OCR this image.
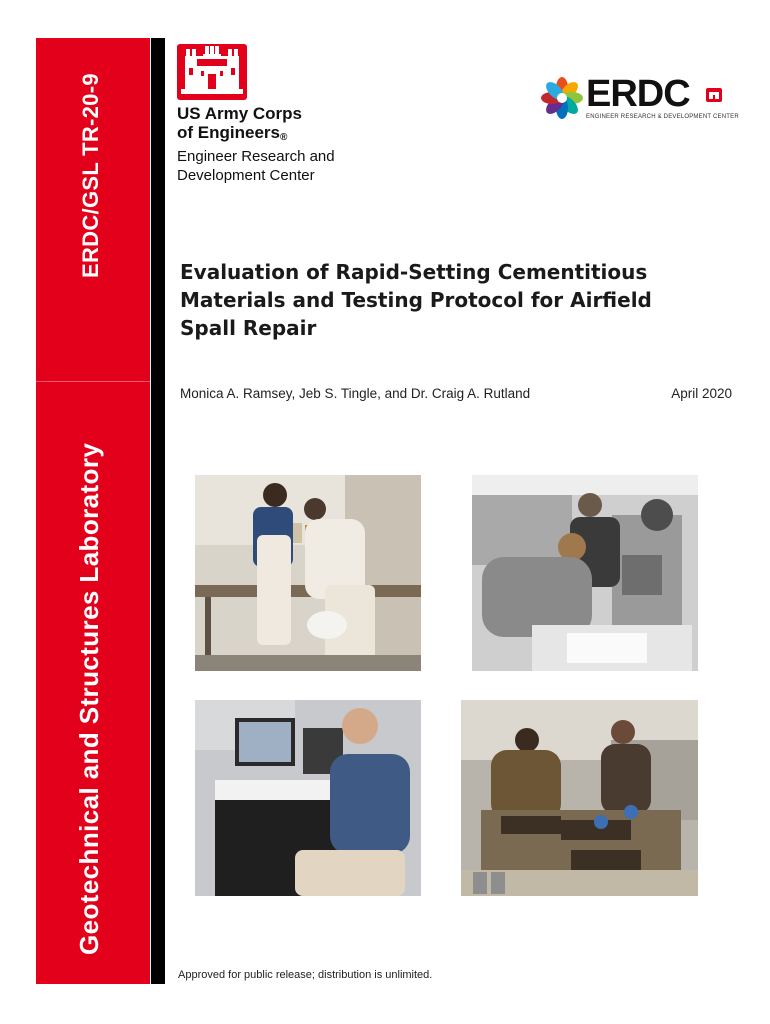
ERDC/GSL TR-20-9
Geotechnical and Structures Laboratory
US Army Corps
of Engineers®
Engineer Research and
Development Center
ERDC
ENGINEER RESEARCH & DEVELOPMENT CENTER
Evaluation of Rapid-Setting Cementitious Materials and Testing Protocol for Airfield Spall Repair
Monica A. Ramsey, Jeb S. Tingle, and Dr. Craig A. Rutland	April 2020
Approved for public release; distribution is unlimited.
